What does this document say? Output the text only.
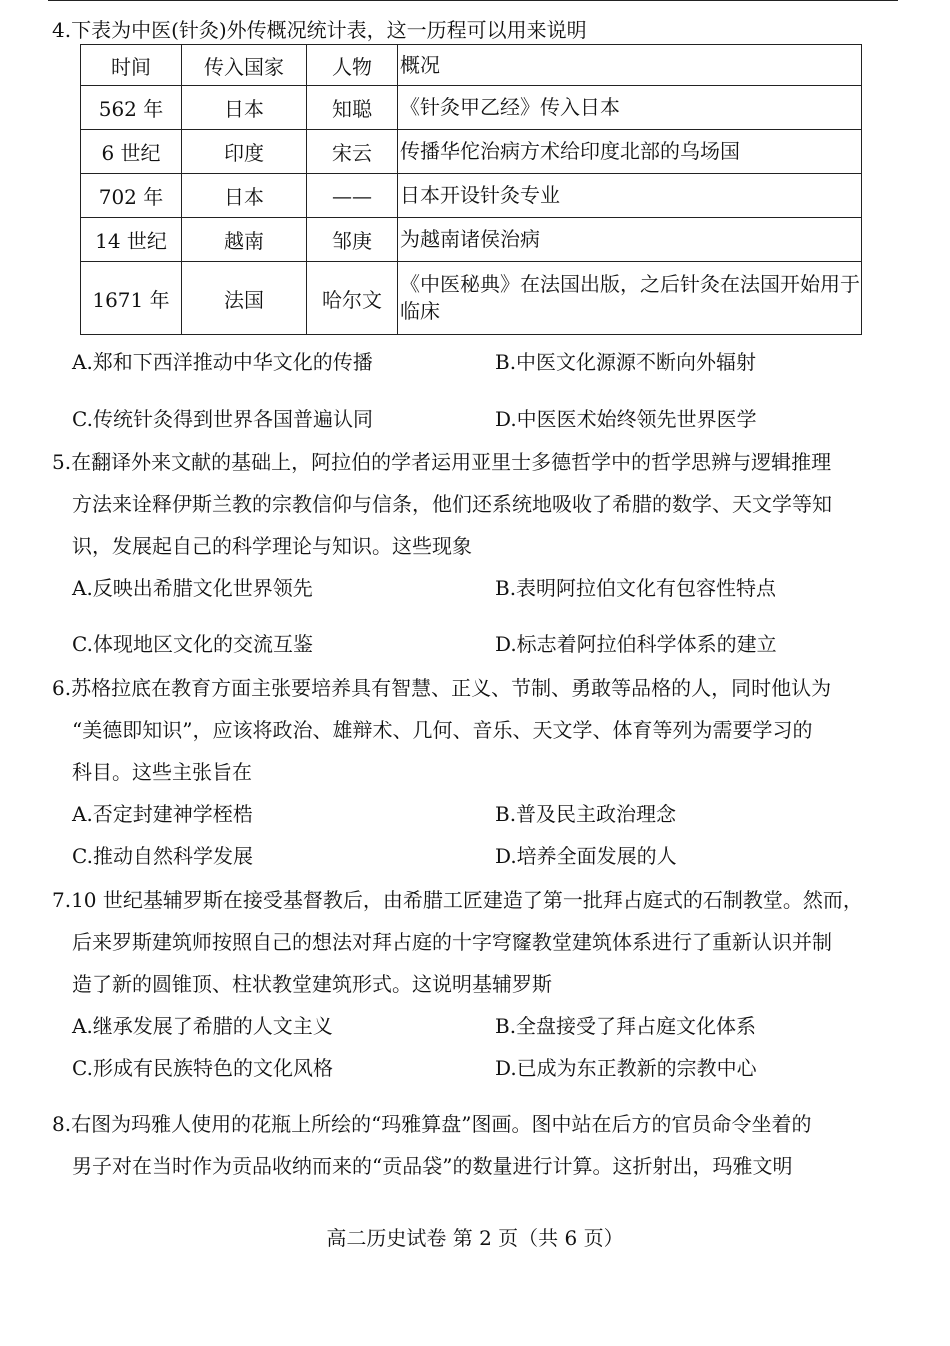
4.下表为中医(针灸)外传概况统计表，这一历程可以用来说明
时间	传入国家	人物	概况
562 年	日本	知聪	《针灸甲乙经》传入日本
6 世纪	印度	宋云	传播华佗治病方术给印度北部的乌场国
702 年	日本	——	日本开设针灸专业
14 世纪	越南	邹庚	为越南诸侯治病
1671 年	法国	哈尔文	《中医秘典》在法国出版，之后针灸在法国开始用于临床
A.郑和下西洋推动中华文化的传播	B.中医文化源源不断向外辐射
C.传统针灸得到世界各国普遍认同	D.中医医术始终领先世界医学
5.在翻译外来文献的基础上，阿拉伯的学者运用亚里士多德哲学中的哲学思辨与逻辑推理
方法来诠释伊斯兰教的宗教信仰与信条，他们还系统地吸收了希腊的数学、天文学等知
识，发展起自己的科学理论与知识。这些现象
A.反映出希腊文化世界领先	B.表明阿拉伯文化有包容性特点
C.体现地区文化的交流互鉴	D.标志着阿拉伯科学体系的建立
6.苏格拉底在教育方面主张要培养具有智慧、正义、节制、勇敢等品格的人，同时他认为
“美德即知识”，应该将政治、雄辩术、几何、音乐、天文学、体育等列为需要学习的
科目。这些主张旨在
A.否定封建神学桎梏	B.普及民主政治理念
C.推动自然科学发展	D.培养全面发展的人
7.10 世纪基辅罗斯在接受基督教后，由希腊工匠建造了第一批拜占庭式的石制教堂。然而，
后来罗斯建筑师按照自己的想法对拜占庭的十字穹窿教堂建筑体系进行了重新认识并制
造了新的圆锥顶、柱状教堂建筑形式。这说明基辅罗斯
A.继承发展了希腊的人文主义	B.全盘接受了拜占庭文化体系
C.形成有民族特色的文化风格	D.已成为东正教新的宗教中心
8.右图为玛雅人使用的花瓶上所绘的“玛雅算盘”图画。图中站在后方的官员命令坐着的
男子对在当时作为贡品收纳而来的“贡品袋”的数量进行计算。这折射出，玛雅文明
高二历史试卷 第 2 页（共 6 页）
